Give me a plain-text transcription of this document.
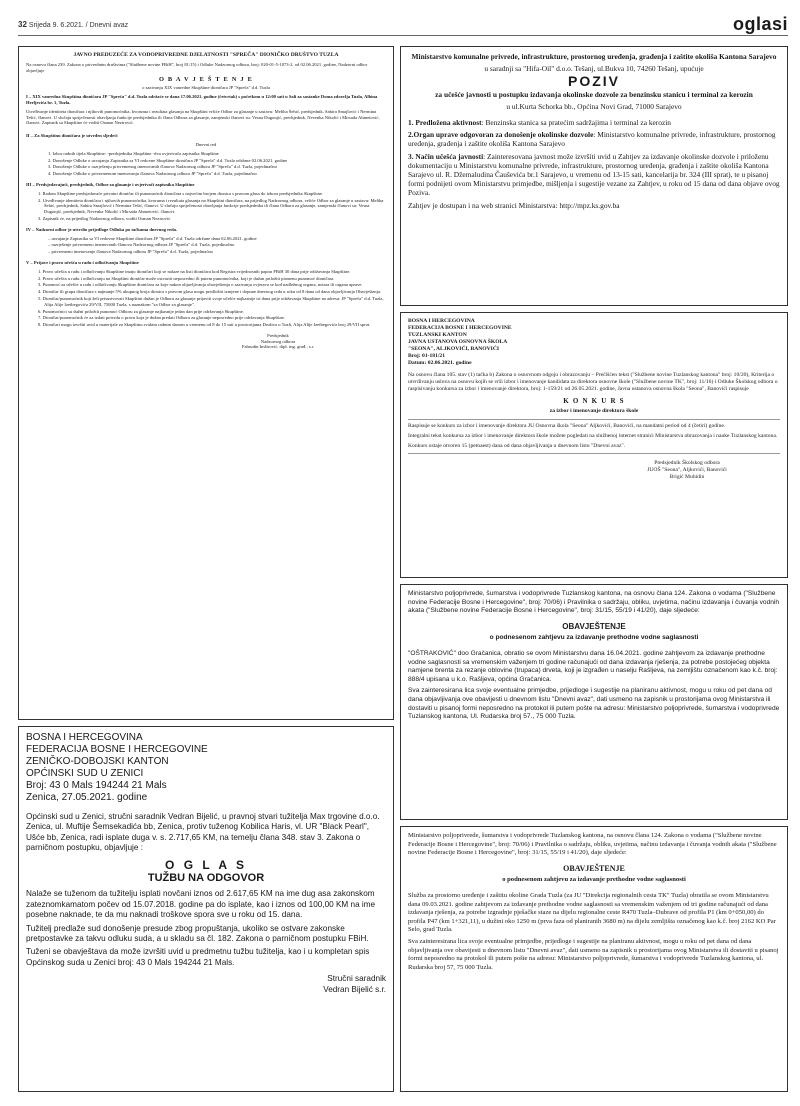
32 Srijeda 9. 6.2021. / Dnevni avaz	oglasi

JAVNO PREDUZEĆE ZA VODOPRIVREDNE DJELATNOSTI "SPREČA" DIONIČKO DRUŠTVO TUZLA

Na osnovu člana 239. Zakona o privrednim društvima ("Službene novine FBiH", broj 81/15) i Odluke Nadzornog odbora, broj: 020-01-5-1073-2. od 02.06.2021. godine, Nadzorni odbor objavljuje

O B A V J E Š T E N J E

o sazivanju XIX vanredne Skupštine dioničara JP "Spreča" d.d. Tuzla

I – XIX vanredna Skupština dioničara JP "Spreča" d.d. Tuzla održaće se dana 17.06.2021. godine (četvrtak) s početkom u 12:00 sati u Sali za sastanke Doma zdravlja Tuzla, Albina Herljevića br. 1, Tuzla.

Utvrđivanje identiteta dioničara i njihovih punomoćnika, kvoruma i rezultata glasanja na Skupštini vršiće Odbor za glasanje u sastavu: Meliha Šehić, predsjednik, Sabira Smajlović i Nermina Tešić, članovi. U slučaju spriječenosti obavljanja funkcije predsjednika ili člana Odbora za glasanje, zamjenski članovi su: Vesna Dugonjić, predsjednik, Nevenka Nikolić i Mirsada Ahmetović, članovi. Zapisnik sa Skupštine će voditi Osman Nezirović.

II – Za Skupštinu dioničara je utvrđen sljedeći

Dnevni red

1. Izbor radnih tijela Skupštine: -predsjednika Skupštine -dva ovjerivača zapisnika Skupštine

2. Donošenje Odluke o usvajanju Zapisnika sa VI redovne Skupštine dioničara JP "Spreča" d.d. Tuzla održane 02.06.2021. godine

3. Donošenje Odluke o razrješenju privremenog imenovanih članova Nadzornog odbora JP "Spreča" d.d. Tuzla, pojedinačno

4. Donošenje Odluke o privremenom imenovanju članova Nadzornog odbora JP "Spreča" d.d. Tuzla, pojedinačno

III – Predsjedavajući, predsjednik, Odbor za glasanje i ovjerivači zapisnika Skupštine

1. Radom Skupštine predsjedavaće privatni dioničar ili punomoćnik dioničara s najvećim brojem dionica s pravom glasa do izbora predsjednika Skupštine.

2. Utvrđivanje identiteta dioničara i njihovih punomoćnika, kvoruma i rezultata glasanja na Skupštini dioničara, na prijedlog Nadzornog odbora, vršiće Odbor za glasanje u sastavu: Meliha Šehić, predsjednik, Sabira Smajlović i Nermina Tešić, članovi. U slučaju spriječenosti obavljanja funkcije predsjednika ili člana Odbora za glasanje, zamjenski članovi su: Vesna Dugonjić, predsjednik, Nevenka Nikolić i Mirsada Ahmetović, članovi.

3. Zapisnik će, na prijedlog Nadzornog odbora, voditi Osman Nezirović.

IV – Nadzorni odbor je utvrdio prijedloge Odluka po tačkama dnevnog reda.

– usvajanje Zapisnika sa VI redovne Skupštine dioničara JP "Spreča" d.d. Tuzla održane dana 02.06.2021. godine

– razrješenje privremeno imenovanih članova Nadzornog odbora JP "Spreča" d.d. Tuzla, pojedinačno

– privremeno imenovanje članova Nadzornog odbora JP "Spreča" d.d. Tuzla, pojedinačno

V – Prijave i pravo učešća u radu i odlučivanju Skupštine

1. Pravo učešća u radu i odlučivanju Skupštine imaju dioničari koji se nalaze na listi dioničara kod Registra vrijednosnih papira FBiH 30 dana prije održavanja Skupštine.

2. Pravo učešća u radu i odlučivanju na Skupštini dioničar može ostvariti neposredno ili putem punomoćnika, koji je dužan priložiti pismenu punomoć dioničara.

3. Punomoć za učešće u radu i odlučivanju Skupštine dioničara za koje nakon objavljivanja obavještenja o sazivanju ovjerava se kod nadležnog organa, notara ili organa uprave.

4. Dioničar ili grupa dioničara s najmanje 5% ukupnog broja dionica s pravom glasa mogu predložiti izmjene i dopune dnevnog reda u roku od 8 dana od dana objavljivanja Obavještenja.

5. Dioničar/punomoćnik koji želi prisustvovati Skupštini dužan je Odboru za glasanje prijaviti svoje učešće najkasnije tri dana prije održavanja Skupštine na adresu: JP "Spreča" d.d. Tuzla, Alija Alije Izetbegovića 29/VII, 75000 Tuzla, s naznakom "za Odbor za glasanje".

6. Punomoćnici su dužni priložiti punomoć Odboru za glasanje najkasnije jedan dan prije održavanja Skupštine.

7. Dioničar/punomoćnik će za izdati potvrdu o pravu koja je dužan predati Odboru za glasanje neposredno prije održavanja Skupštine.

8. Dioničari mogu izvršiti uvid u materijale za Skupštinu svakim radnim danom u vremenu od 8 do 15 sati u prostorijama Društva u Tuzli, Alija Alije Izetbegovića broj 29/VII sprat.

Predsjednik

Nadzornog odbora

Fahrudin Imširović, dipl. ing. građ., s.r.

Ministarstvo komunalne privrede, infrastrukture, prostornog uređenja, građenja i zaštite okoliša Kantona Sarajevo

u saradnji sa "Hifa-Oil" d.o.o. Tešanj, ul.Bukva 10, 74260 Tešanj, upućuje

POZIV

za učešće javnosti u postupku izdavanja okolinske dozvole za benzinsku stanicu i terminal za kerozin

u ul.Kurta Schorka bb., Općina Novi Grad, 71000 Sarajevo

1. Predložena aktivnost: Benzinska stanica sa pratećim sadržajima i terminal za kerozin

2.Organ uprave odgovoran za donošenje okolinske dozvole: Ministarstvo komunalne privrede, infrastrukture, prostornog uređenja, građenja i zaštite okoliša Kantona Sarajevo

3. Način učešća javnosti: Zainteresovana javnost može izvršiti uvid u Zahtjev za izdavanje okolinske dozvole i priloženu dokumentaciju u Ministarstvu komunalne privrede, infrastrukture, prostornog uređenja, građenja i zaštite okoliša Kantona Sarajevo ul. R. Džemaludina Čauševića br.1 Sarajevo, u vremenu od 13-15 sati, kancelarija br. 324 (III sprat), te u pisanoj formi podnijeti ovom Ministarstvu primjedbe, mišljenja i sugestije vezane za Zahtjev, u roku od 15 dana od dana objave ovog Poziva.

Zahtjev je dostupan i na web stranici Ministarstva: http://mpz.ks.gov.ba

BOSNA I HERCEGOVINA

FEDERACIJA BOSNE I HERCEGOVINE

TUZLANSKI KANTON

JAVNA USTANOVA OSNOVNA ŠKOLA

"SEONA", ALJKOVIĆI, BANOVIĆI

Broj: 01-181/21

Datum: 02.06.2021. godine

Na osnovu člana 105. stav (1) tačka b) Zakona o osnovnom odgoju i obrazovanju – Prečišćen tekst ("Službene novine Tuzlanskog kantona" broj: 10/20), Kriterija o utvrđivanju uslova na osnovu kojih se vrši izbor i imenovanje kandidata za direktora osnovne škole ("Službene novine TK", broj: 11/16) i Odluke Školskog odbora o raspisivanju konkursa za izbor i imenovanje direktora, broj: 1-159/21 od 26.05.2021. godine, Javna ustanova osnovna škola "Seona", Banovići raspisuje

K O N K U R S

za izbor i imenovanje direktora škole

Raspisuje se konkurs za izbor i imenovanje direktora JU Osnovna škola "Seona" Aljkovići, Banovići, na mandatni period od 4 (četiri) godine.

Integralni tekst konkursa za izbor i imenovanje direktora škole možete pogledati na službenoj internet stranici Ministarstva obrazovanja i nauke Tuzlanskog kantona.

Konkurs ostaje otvoren 15 (petnaest) dana od dana objavljivanja u dnevnom listu "Dnevni avaz".

Predsjednik Školskog odbora

JUOŠ "Seona", Aljkovići, Banovići

Brigić Muhidin

Ministarstvo poljoprivrede, šumarstva i vodoprivrede Tuzlanskog kantona, na osnovu člana 124. Zakona o vodama ("Službene novine Federacije Bosne i Hercegovine", broj: 70/06) i Pravilnika o sadržaju, obliku, uvjetima, načinu izdavanja i čuvanja vodnih akata ("Službene novine Federacije Bosne i Hercegovine", broj: 31/15, 55/19 i 41/20), daje sljedeće:

OBAVJEŠTENJE

o podnesenom zahtjevu za izdavanje prethodne vodne saglasnosti

"OŠTRAKOVIĆ" doo Gračanica, obratio se ovom Ministarstvu dana 16.04.2021. godine zahtjevom za izdavanje prethodne vodne saglasnosti sa vremenskim važenjem tri godine računajući od dana izdavanja rješenja, za potrebe postojećeg objekta namjene brenta za rezanje oblovine (trupaca) drveta, koji je izgrađen u naselju Rašljeva, na zemljištu označenom kao k.č. broj: 888/4 upisana u k.o. Rašljeva, općina Gračanica.

Sva zainteresirana lica svoje eventualne primjedbe, prijedloge i sugestije na planiranu aktivnost, mogu u roku od pet dana od dana objavljivanja ove obavijesti u dnevnom listu "Dnevni avaz", dati usmeno na zapisnik u prostorijama ovog Ministarstva ili dostaviti u pisanoj formi neposredno na protokol ili putem pošte na adresu: Ministarstvo poljoprivrede, šumarstva i vodoprivrede Tuzlanskog kantona, Ul. Rudarska broj 57., 75 000 Tuzla.

BOSNA I HERCEGOVINA

FEDERACIJA BOSNE I HERCEGOVINE

ZENIČKO-DOBOJSKI KANTON

OPĆINSKI SUD U ZENICI

Broj: 43 0 Mals 194244 21 Mals

Zenica, 27.05.2021. godine

Općinski sud u Zenici, stručni saradnik Vedran Bijelić, u pravnoj stvari tužitelja Max trgovine d.o.o. Zenica, ul. Muftije Šemsekadića bb, Zenica, protiv tuženog Kobilica Haris, vl. UR "Black Pearl", Ušće bb, Zenica, radi isplate duga v. s. 2.717,65 KM, na temelju člana 348. stav 3. Zakona o parničnom postupku, objavljuje :

O G L A S

TUŽBU NA ODGOVOR

Nalaže se tuženom da tužitelju isplati novčani iznos od 2.617,65 KM na ime dug asa zakonskom zateznomkamatom počev od 15.07.2018. godine pa do isplate, kao i iznos od 100,00 KM na ime posebne naknade, te da mu naknadi troškove spora sve u roku od 15. dana.

Tužitelj predlaže sud donošenje presude zbog propuštanja, ukoliko se ostvare zakonske pretpostavke za takvu odluku suda, a u skladu sa čl. 182. Zakona o parničnom postupku FBiH.

Tuženi se obavještava da može izvršiti uvid u predmetnu tužbu tužitelja, kao i u kompletan spis Općinskog suda u Zenici broj: 43 0 Mals 194244 21 Mals.

Stručni saradnik

Vedran Bijelić s.r.

Ministarstvo poljoprivrede, šumarstva i vodoprivrede Tuzlanskog kantona, na osnovu člana 124. Zakona o vodama ("Službene novine Federacije Bosne i Hercegovine", broj: 70/06) i Pravilnika o sadržaju, obliku, uvjetima, načinu izdavanja i čuvanja vodnih akata ("Službene novine Federacije Bosne i Hercegovine", broj: 31/15, 55/19 i 41/20), daje sljedeće:

OBAVJEŠTENJE

o podnesenom zahtjevu za izdavanje prethodne vodne saglasnosti

Služba za prostorno uređenje i zaštitu okoline Grada Tuzla (za JU "Direkcija regionalnih cesta TK" Tuzla) obratila se ovom Ministarstvu dana 09.03.2021. godine zahtjevom za izdavanje prethodne vodne saglasnosti sa vremenskim važenjem od tri godine računajući od dana izdavanja rješenja, za potrebe izgradnje pješačke staze na dijelu regionalne ceste R470 Tuzla–Dubrave od profila P1 (km 0+050,00) do profila P47 (km 1+321,11), u dužini oko 1250 m (prva faza od planiranih 3680 m) na dijelu zemljišta označenog kao k.č. broj 2162 KO Par Selo, grad Tuzla.

Sva zainteresirana lica svoje eventualne primjedbe, prijedloge i sugestije na planiranu aktivnost, mogu u roku od pet dana od dana objavljivanja ove obavijesti u dnevnom listu "Dnevni avaz", dati usmeno na zapisnik u prostorijama ovog Ministarstva ili dostaviti u pisanoj formi neposredno na protokol ili putem pošte na adresu: Ministarstvo poljoprivrede, šumarstva i vodoprivrede Tuzlanskog kantona, ul. Rudarska broj 57, 75 000 Tuzla.
